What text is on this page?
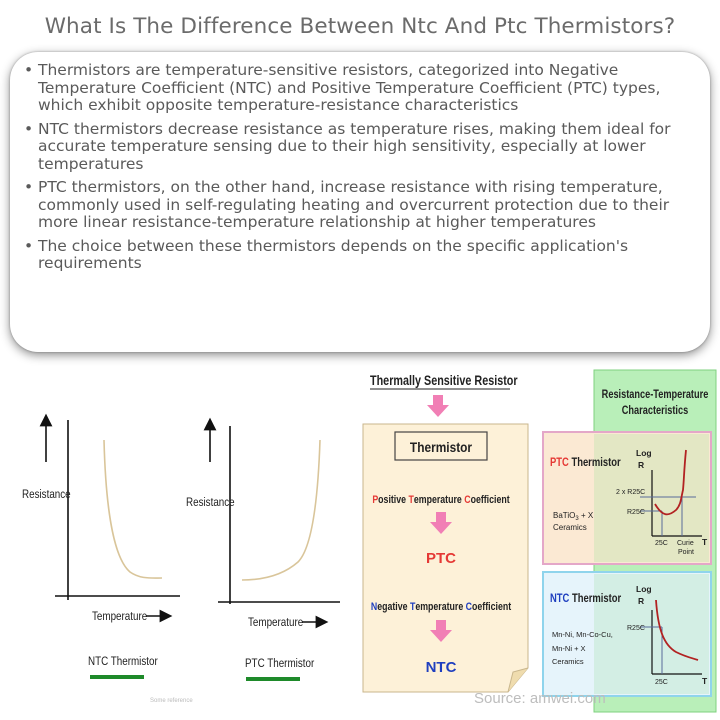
What Is The Difference Between Ntc And Ptc Thermistors?
• Thermistors are temperature-sensitive resistors, categorized into Negative Temperature Coefficient (NTC) and Positive Temperature Coefficient (PTC) types, which exhibit opposite temperature-resistance characteristics
• NTC thermistors decrease resistance as temperature rises, making them ideal for accurate temperature sensing due to their high sensitivity, especially at lower temperatures
• PTC thermistors, on the other hand, increase resistance with rising temperature, commonly used in self-regulating heating and overcurrent protection due to their more linear resistance-temperature relationship at higher temperatures
• The choice between these thermistors depends on the specific application's requirements
Resistance
Temperature
NTC Thermistor
Some reference
Resistance
Temperature
PTC Thermistor
Thermally Sensitive Resistor
Thermistor
Positive Temperature Coefficient
PTC
Negative Temperature Coefficient
NTC
Resistance-Temperature
Characteristics
PTC Thermistor
BaTiO$_3$ + X
Ceramics
Log
R
2 x R25C
R25C
25C Curie
Point
T
NTC Thermistor
Mn-Ni, Mn-Co-Cu,
Mn-Ni + X
Ceramics
Log
R
R25C
25C	T
Source: amwei.com
